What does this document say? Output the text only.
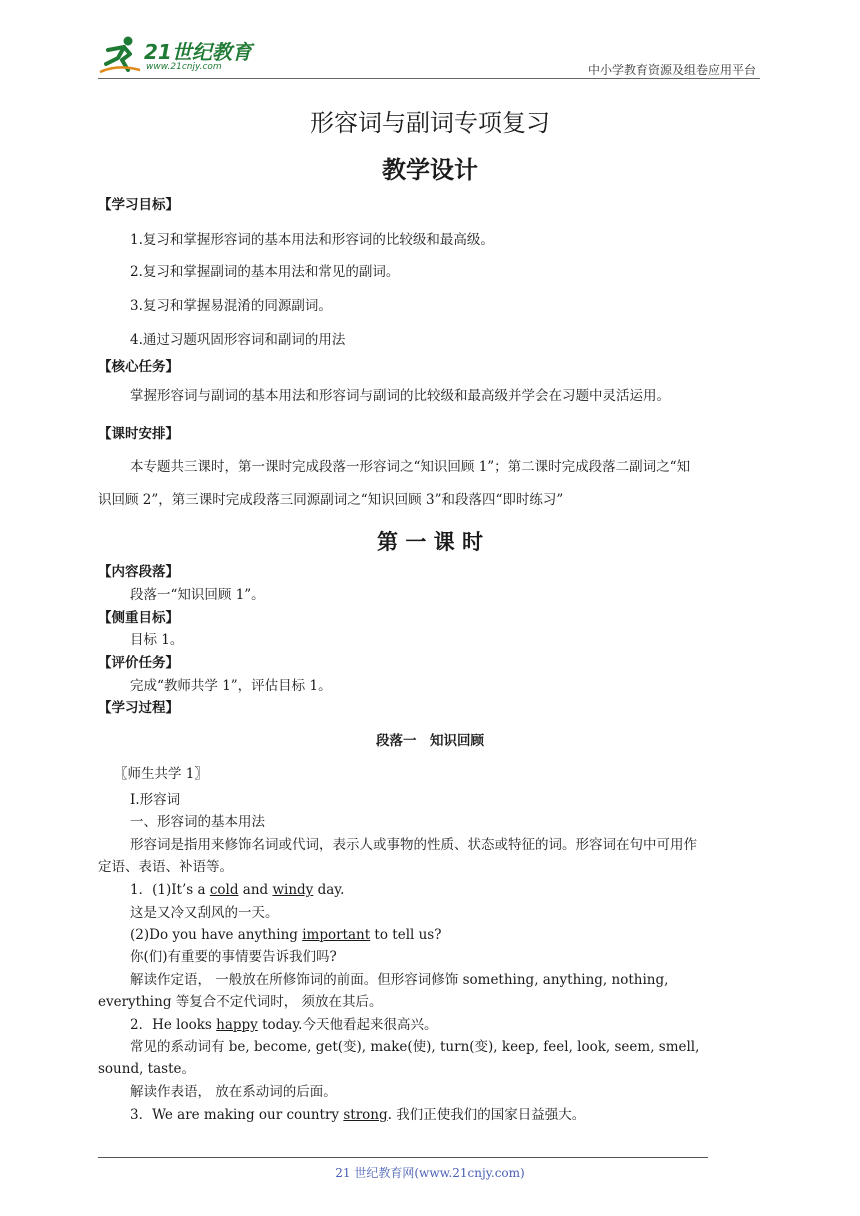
21世纪教育
www.21cnjy.com	中小学教育资源及组卷应用平台
形容词与副词专项复习
教学设计
【学习目标】
1.复习和掌握形容词的基本用法和形容词的比较级和最高级。
2.复习和掌握副词的基本用法和常见的副词。
3.复习和掌握易混淆的同源副词。
4.通过习题巩固形容词和副词的用法
【核心任务】
掌握形容词与副词的基本用法和形容词与副词的比较级和最高级并学会在习题中灵活运用。
【课时安排】
本专题共三课时，第一课时完成段落一形容词之“知识回顾 1”；第二课时完成段落二副词之“知
识回顾 2”，第三课时完成段落三同源副词之“知识回顾 3”和段落四“即时练习”
第 一 课 时
【内容段落】
段落一“知识回顾 1”。
【侧重目标】
目标 1。
【评价任务】
完成“教师共学 1”，评估目标 1。
【学习过程】
段落一　知识回顾
〖师生共学 1〗
Ⅰ.形容词
一、形容词的基本用法
形容词是指用来修饰名词或代词，表示人或事物的性质、状态或特征的词。形容词在句中可用作
定语、表语、补语等。
1．(1)It’s a cold and windy day.
这是又冷又刮风的一天。
(2)Do you have anything important to tell us?
你(们)有重要的事情要告诉我们吗?
解读作定语， 一般放在所修饰词的前面。但形容词修饰 something, anything, nothing,
everything 等复合不定代词时， 须放在其后。
2．He looks happy today.今天他看起来很高兴。
常见的系动词有 be, become, get(变), make(使), turn(变), keep, feel, look, seem, smell,
sound, taste。
解读作表语， 放在系动词的后面。
3．We are making our country strong. 我们正使我们的国家日益强大。
21 世纪教育网(www.21cnjy.com)
